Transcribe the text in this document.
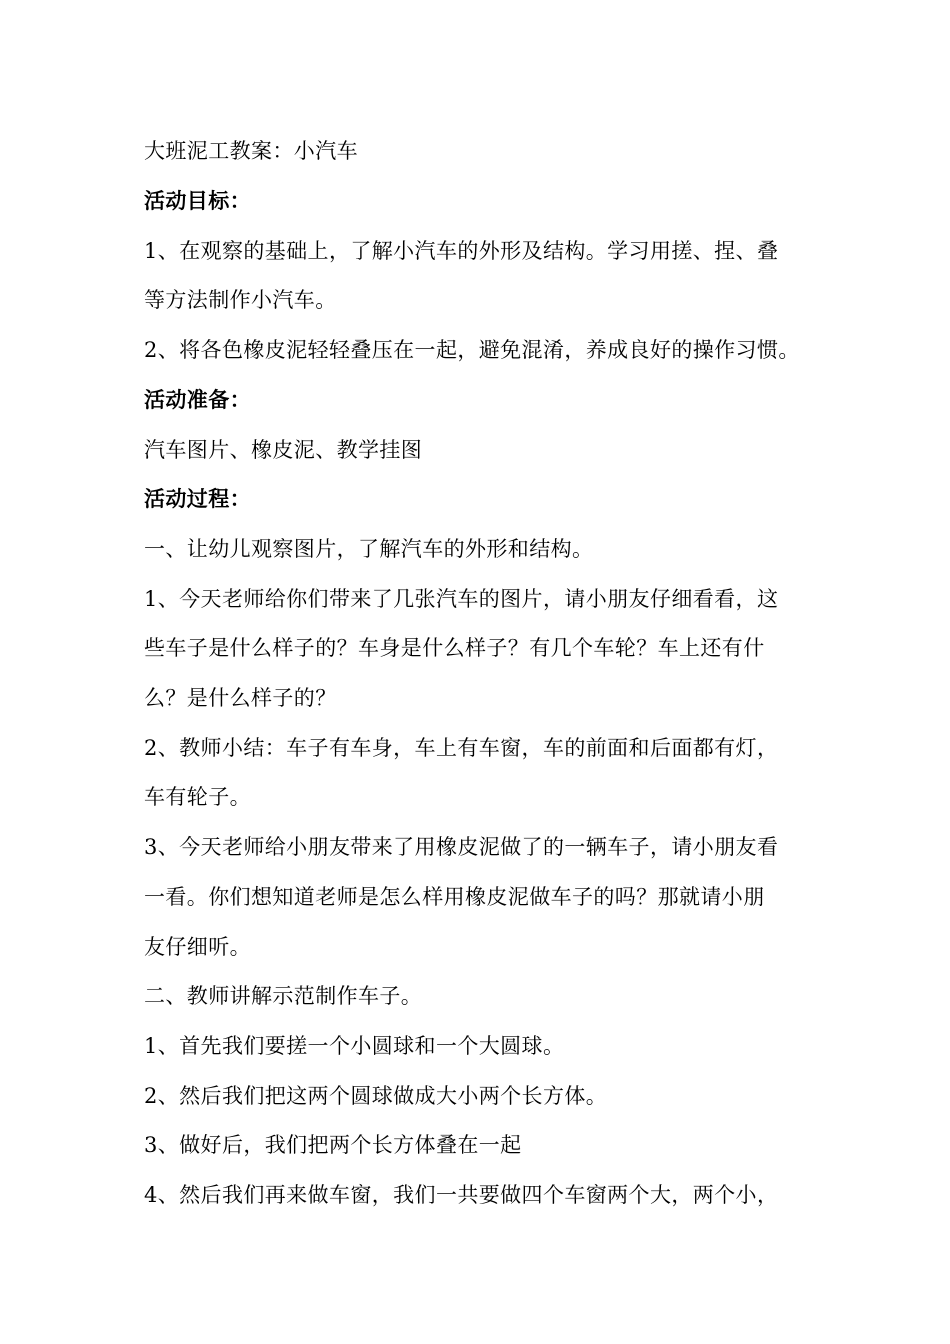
大班泥工教案：小汽车
活动目标：
1、在观察的基础上，了解小汽车的外形及结构。学习用搓、捏、叠
等方法制作小汽车。
2、将各色橡皮泥轻轻叠压在一起，避免混淆，养成良好的操作习惯。
活动准备：
汽车图片、橡皮泥、教学挂图
活动过程：
一、让幼儿观察图片，了解汽车的外形和结构。
1、今天老师给你们带来了几张汽车的图片，请小朋友仔细看看，这
些车子是什么样子的？车身是什么样子？有几个车轮？车上还有什
么？是什么样子的？
2、教师小结：车子有车身，车上有车窗，车的前面和后面都有灯，
车有轮子。
3、今天老师给小朋友带来了用橡皮泥做了的一辆车子，请小朋友看
一看。你们想知道老师是怎么样用橡皮泥做车子的吗？那就请小朋
友仔细听。
二、教师讲解示范制作车子。
1、首先我们要搓一个小圆球和一个大圆球。
2、然后我们把这两个圆球做成大小两个长方体。
3、做好后，我们把两个长方体叠在一起
4、然后我们再来做车窗，我们一共要做四个车窗两个大，两个小，
